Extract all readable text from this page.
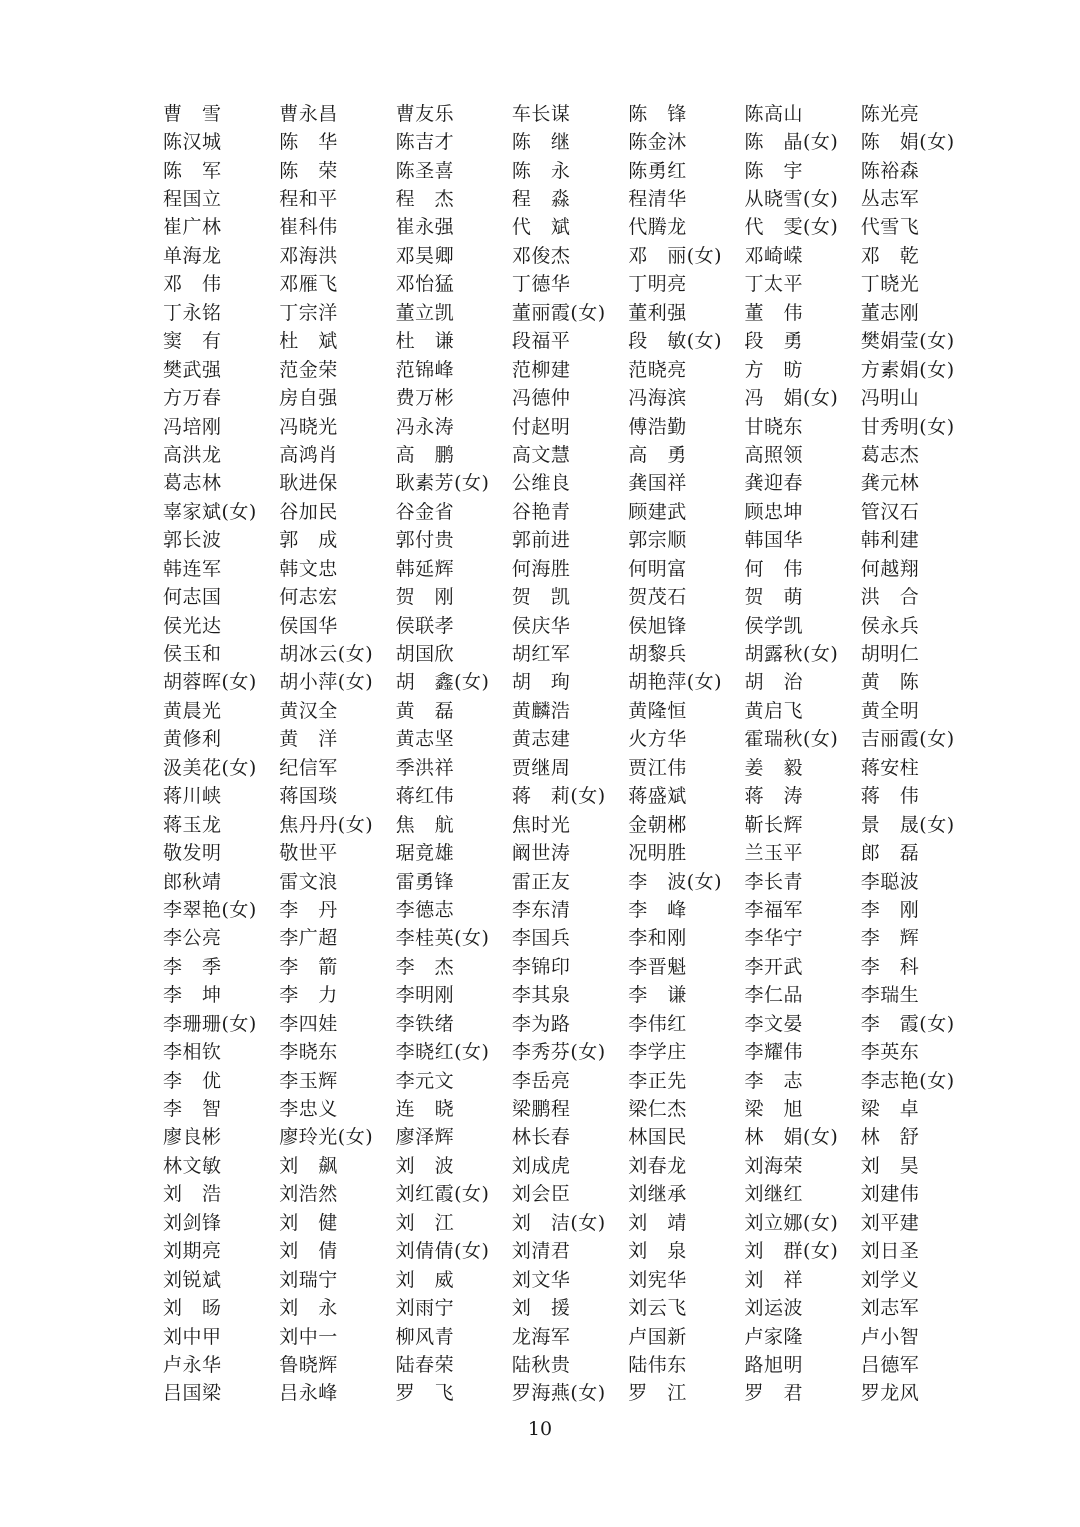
曹　雪	曹永昌	曹友乐	车长谋	陈　锋	陈高山	陈光亮
陈汉城	陈　华	陈吉才	陈　继	陈金沐	陈　晶(女)	陈　娟(女)
陈　军	陈　荣	陈圣喜	陈　永	陈勇红	陈　宇	陈裕森
程国立	程和平	程　杰	程　淼	程清华	从晓雪(女)	丛志军
崔广林	崔科伟	崔永强	代　斌	代腾龙	代　雯(女)	代雪飞
单海龙	邓海洪	邓昊卿	邓俊杰	邓　丽(女)	邓崎嵘	邓　乾
邓　伟	邓雁飞	邓怡猛	丁德华	丁明亮	丁太平	丁晓光
丁永铭	丁宗洋	董立凯	董丽霞(女)	董利强	董　伟	董志刚
窦　有	杜　斌	杜　谦	段福平	段　敏(女)	段　勇	樊娟莹(女)
樊武强	范金荣	范锦峰	范柳建	范晓亮	方　昉	方素娟(女)
方万春	房自强	费万彬	冯德仲	冯海滨	冯　娟(女)	冯明山
冯培刚	冯晓光	冯永涛	付赵明	傅浩勤	甘晓东	甘秀明(女)
高洪龙	高鸿肖	高　鹏	高文慧	高　勇	高照领	葛志杰
葛志林	耿进保	耿素芳(女)	公维良	龚国祥	龚迎春	龚元林
辜家斌(女)	谷加民	谷金省	谷艳青	顾建武	顾忠坤	管汉石
郭长波	郭　成	郭付贵	郭前进	郭宗顺	韩国华	韩利建
韩连军	韩文忠	韩延辉	何海胜	何明富	何　伟	何越翔
何志国	何志宏	贺　刚	贺　凯	贺茂石	贺　萌	洪　合
侯光达	侯国华	侯联孝	侯庆华	侯旭锋	侯学凯	侯永兵
侯玉和	胡冰云(女)	胡国欣	胡红军	胡黎兵	胡露秋(女)	胡明仁
胡蓉晖(女)	胡小萍(女)	胡　鑫(女)	胡　珣	胡艳萍(女)	胡　治	黄　陈
黄晨光	黄汉全	黄　磊	黄麟浩	黄隆恒	黄启飞	黄全明
黄修利	黄　洋	黄志坚	黄志建	火方华	霍瑞秋(女)	吉丽霞(女)
汲美花(女)	纪信军	季洪祥	贾继周	贾江伟	姜　毅	蒋安柱
蒋川峡	蒋国琰	蒋红伟	蒋　莉(女)	蒋盛斌	蒋　涛	蒋　伟
蒋玉龙	焦丹丹(女)	焦　航	焦时光	金朝郴	靳长辉	景　晟(女)
敬发明	敬世平	琚竟雄	阚世涛	况明胜	兰玉平	郎　磊
郎秋靖	雷文浪	雷勇锋	雷正友	李　波(女)	李长青	李聪波
李翠艳(女)	李　丹	李德志	李东清	李　峰	李福军	李　刚
李公亮	李广超	李桂英(女)	李国兵	李和刚	李华宁	李　辉
李　季	李　箭	李　杰	李锦印	李晋魁	李开武	李　科
李　坤	李　力	李明刚	李其泉	李　谦	李仁品	李瑞生
李珊珊(女)	李四娃	李铁绪	李为路	李伟红	李文晏	李　霞(女)
李相钦	李晓东	李晓红(女)	李秀芬(女)	李学庄	李耀伟	李英东
李　优	李玉辉	李元文	李岳亮	李正先	李　志	李志艳(女)
李　智	李忠义	连　晓	梁鹏程	梁仁杰	梁　旭	梁　卓
廖良彬	廖玲光(女)	廖泽辉	林长春	林国民	林　娟(女)	林　舒
林文敏	刘　飙	刘　波	刘成虎	刘春龙	刘海荣	刘　昊
刘　浩	刘浩然	刘红霞(女)	刘会臣	刘继承	刘继红	刘建伟
刘剑锋	刘　健	刘　江	刘　洁(女)	刘　靖	刘立娜(女)	刘平建
刘期亮	刘　倩	刘倩倩(女)	刘清君	刘　泉	刘　群(女)	刘日圣
刘锐斌	刘瑞宁	刘　威	刘文华	刘宪华	刘　祥	刘学义
刘　旸	刘　永	刘雨宁	刘　援	刘云飞	刘运波	刘志军
刘中甲	刘中一	柳风青	龙海军	卢国新	卢家隆	卢小智
卢永华	鲁晓辉	陆春荣	陆秋贵	陆伟东	路旭明	吕德军
吕国梁	吕永峰	罗　飞	罗海燕(女)	罗　江	罗　君	罗龙风
10
